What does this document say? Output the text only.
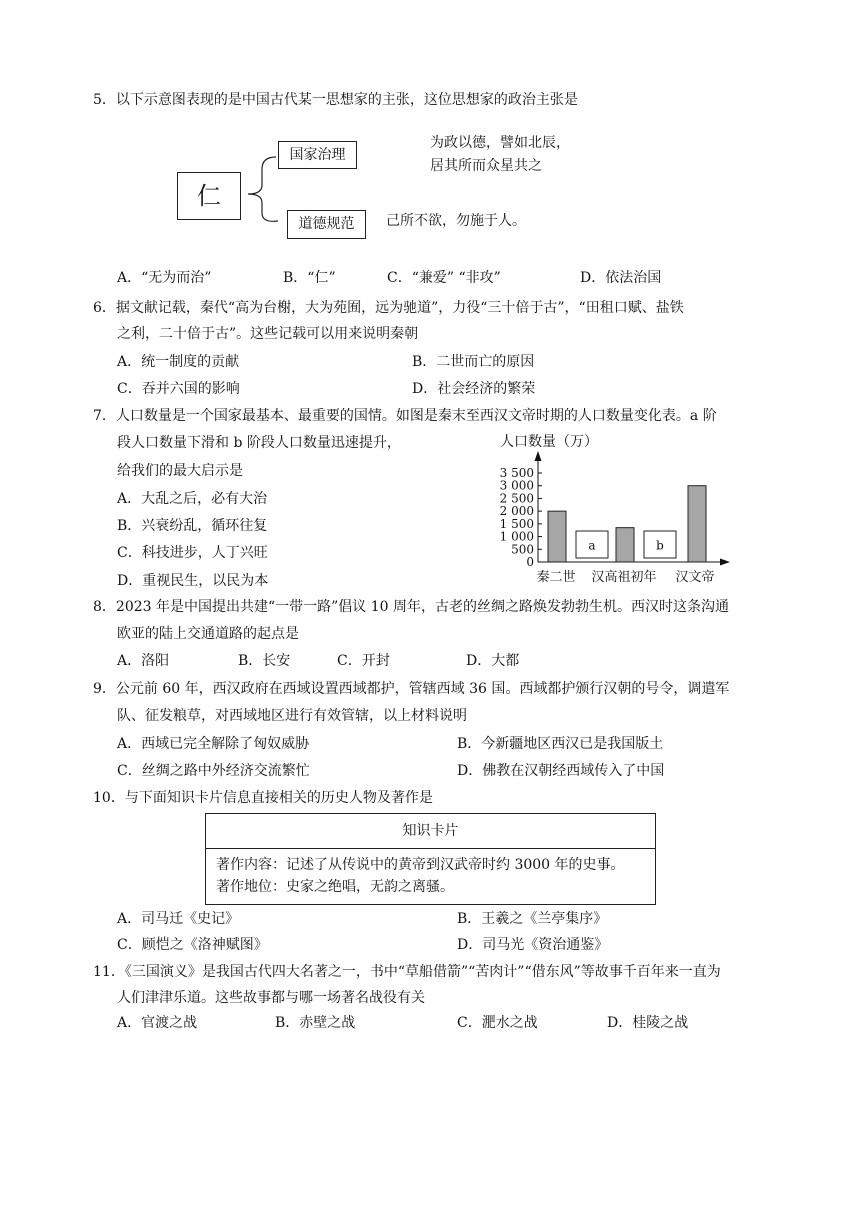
5．以下示意图表现的是中国古代某一思想家的主张，这位思想家的政治主张是
仁
国家治理
道德规范
为政以德，譬如北辰，
居其所而众星共之
己所不欲，勿施于人。
A．“无为而治”	B．“仁”	C．“兼爱” “非攻”	D．依法治国
6．据文献记载，秦代“高为台榭，大为苑囿，远为驰道”，力役“三十倍于古”，“田租口赋、盐铁
之利，二十倍于古”。这些记载可以用来说明秦朝
A．统一制度的贡献	B．二世而亡的原因
C．吞并六国的影响	D．社会经济的繁荣
7．人口数量是一个国家最基本、最重要的国情。如图是秦末至西汉文帝时期的人口数量变化表。a 阶
段人口数量下滑和 b 阶段人口数量迅速提升，
给我们的最大启示是
A．大乱之后，必有大治
B．兴衰纷乱，循环往复
C．科技进步，人丁兴旺
D．重视民生，以民为本
人口数量（万）
3 500
3 000
2 500
2 000
1 500
1 000
500
0
a	b
秦二世 汉高祖初年 汉文帝
8．2023 年是中国提出共建“一带一路”倡议 10 周年，古老的丝绸之路焕发勃勃生机。西汉时这条沟通
欧亚的陆上交通道路的起点是
A．洛阳	B．长安	C．开封	D．大都
9．公元前 60 年，西汉政府在西域设置西域都护，管辖西域 36 国。西域都护颁行汉朝的号令，调遣军
队、征发粮草，对西域地区进行有效管辖，以上材料说明
A．西域已完全解除了匈奴威胁	B．今新疆地区西汉已是我国版土
C．丝绸之路中外经济交流繁忙	D．佛教在汉朝经西域传入了中国
10．与下面知识卡片信息直接相关的历史人物及著作是
知识卡片
著作内容：记述了从传说中的黄帝到汉武帝时约 3000 年的史事。
著作地位：史家之绝唱，无韵之离骚。
A．司马迁《史记》	B．王羲之《兰亭集序》
C．顾恺之《洛神赋图》	D．司马光《资治通鉴》
11．《三国演义》是我国古代四大名著之一，书中“草船借箭”“苦肉计”“借东风”等故事千百年来一直为
人们津津乐道。这些故事都与哪一场著名战役有关
A．官渡之战	B．赤壁之战	C．淝水之战	D．桂陵之战
